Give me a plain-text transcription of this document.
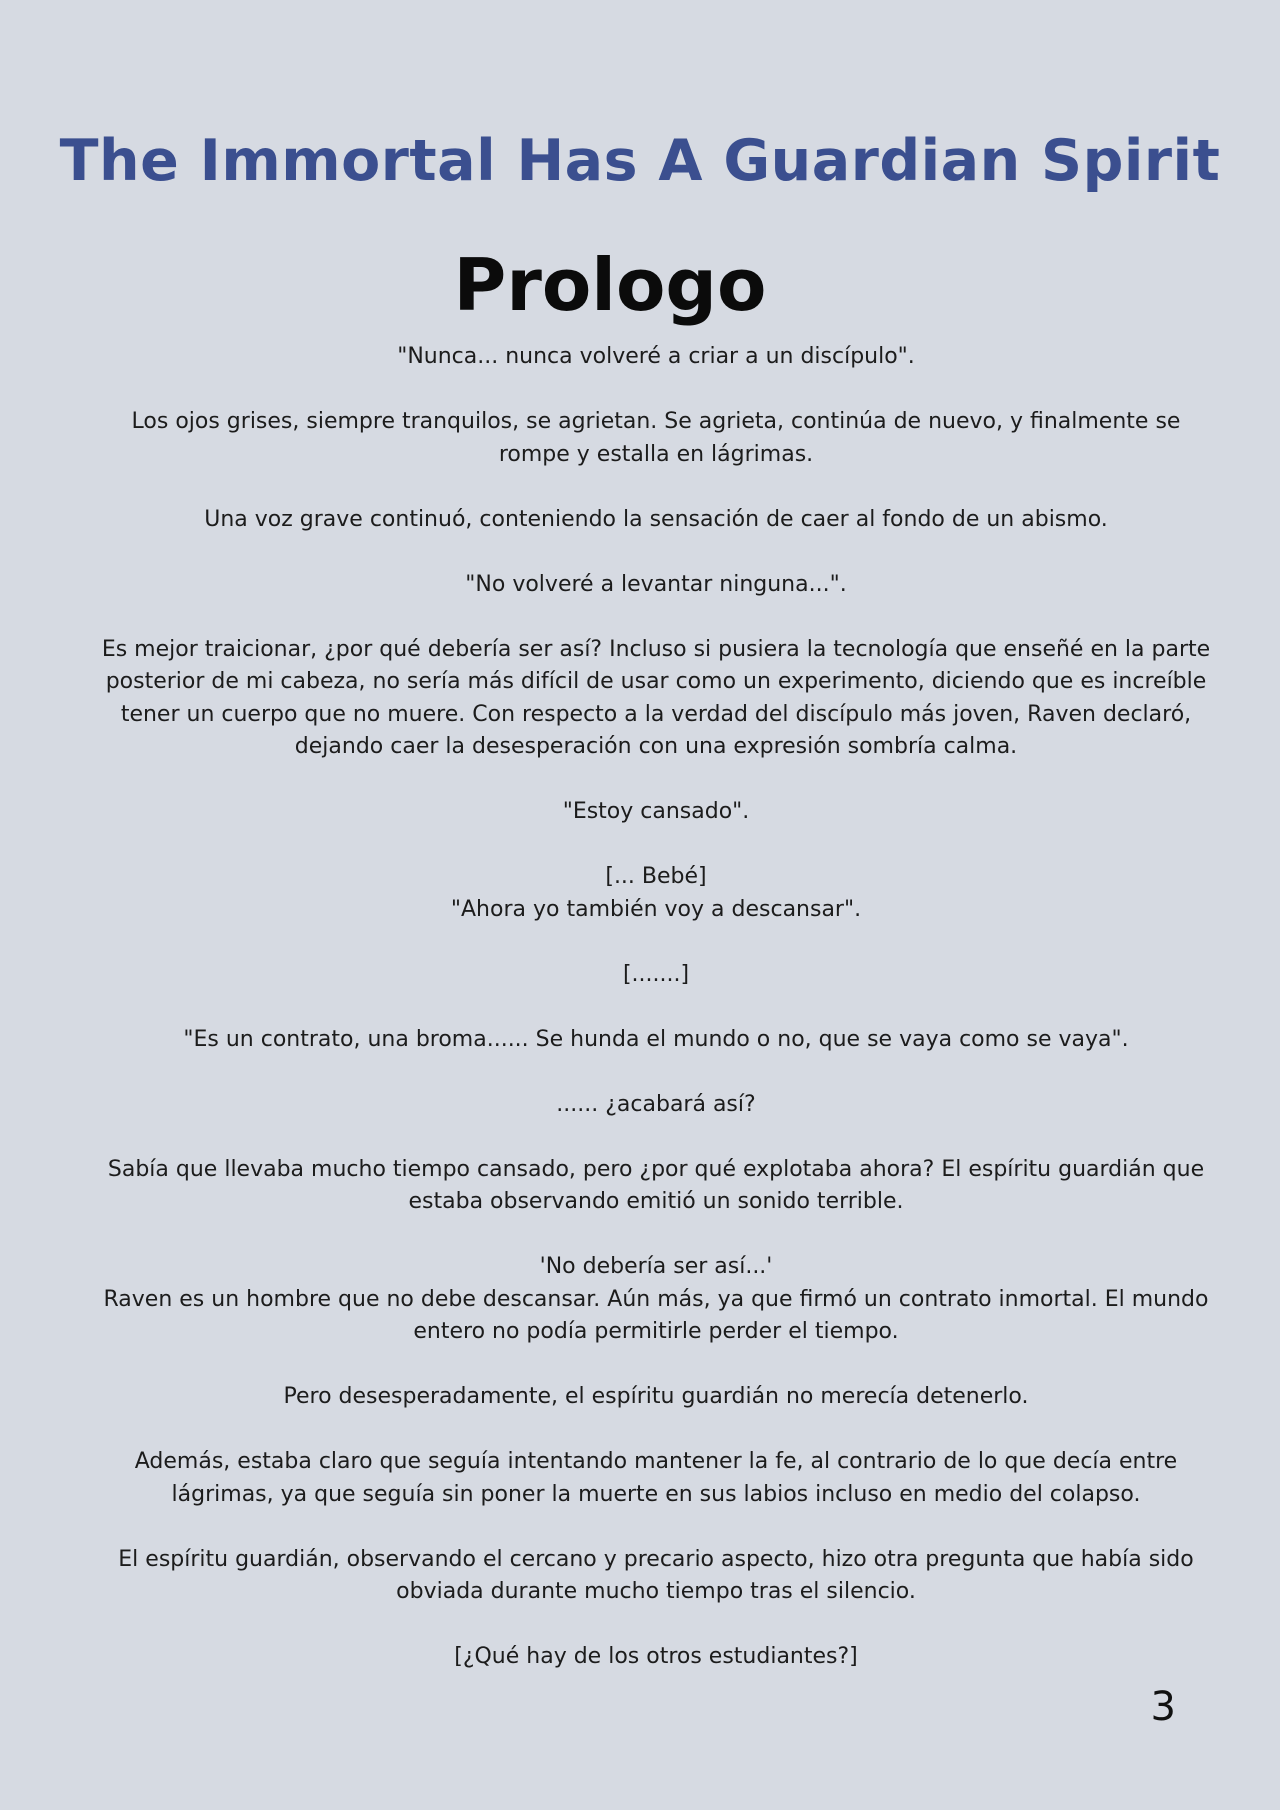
The Immortal Has A Guardian Spirit
Prologo

"Nunca... nunca volveré a criar a un discípulo".

Los ojos grises, siempre tranquilos, se agrietan. Se agrieta, continúa de nuevo, y finalmente se rompe y estalla en lágrimas.

Una voz grave continuó, conteniendo la sensación de caer al fondo de un abismo.

"No volveré a levantar ninguna...".

Es mejor traicionar, ¿por qué debería ser así? Incluso si pusiera la tecnología que enseñé en la parte posterior de mi cabeza, no sería más difícil de usar como un experimento, diciendo que es increíble tener un cuerpo que no muere. Con respecto a la verdad del discípulo más joven, Raven declaró, dejando caer la desesperación con una expresión sombría calma.

"Estoy cansado".

[... Bebé]

"Ahora yo también voy a descansar".

[.......]

"Es un contrato, una broma...... Se hunda el mundo o no, que se vaya como se vaya".

...... ¿acabará así?

Sabía que llevaba mucho tiempo cansado, pero ¿por qué explotaba ahora? El espíritu guardián que estaba observando emitió un sonido terrible.

'No debería ser así...'

Raven es un hombre que no debe descansar. Aún más, ya que firmó un contrato inmortal. El mundo entero no podía permitirle perder el tiempo.

Pero desesperadamente, el espíritu guardián no merecía detenerlo.

Además, estaba claro que seguía intentando mantener la fe, al contrario de lo que decía entre lágrimas, ya que seguía sin poner la muerte en sus labios incluso en medio del colapso.

El espíritu guardián, observando el cercano y precario aspecto, hizo otra pregunta que había sido obviada durante mucho tiempo tras el silencio.

[¿Qué hay de los otros estudiantes?]

3
